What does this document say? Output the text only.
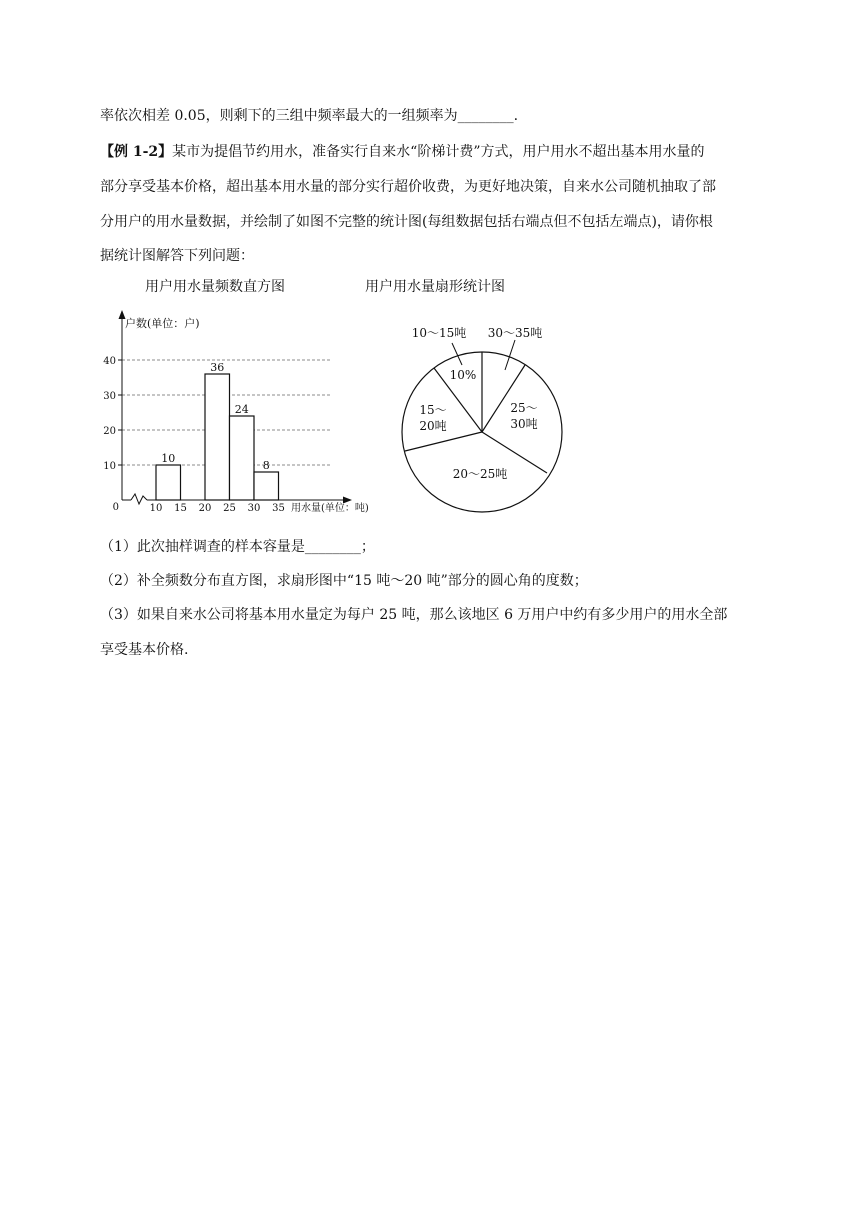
率依次相差 0.05，则剩下的三组中频率最大的一组频率为________.
【例 1-2】某市为提倡节约用水，准备实行自来水“阶梯计费”方式，用户用水不超出基本用水量的
部分享受基本价格，超出基本用水量的部分实行超价收费，为更好地决策，自来水公司随机抽取了部
分用户的用水量数据，并绘制了如图不完整的统计图(每组数据包括右端点但不包括左端点)，请你根
据统计图解答下列问题：
用户用水量频数直方图	用户用水量扇形统计图
户数(单位：户)
用水量(单位：吨)
0
10
20
30
40
10 15 20 25 30 35
10
36
24
8
10～15吨
10%
30～35吨
25～
30吨
15～
20吨
20～25吨
（1）此次抽样调查的样本容量是________；
（2）补全频数分布直方图，求扇形图中“15 吨～20 吨”部分的圆心角的度数；
（3）如果自来水公司将基本用水量定为每户 25 吨，那么该地区 6 万用户中约有多少用户的用水全部
享受基本价格.
